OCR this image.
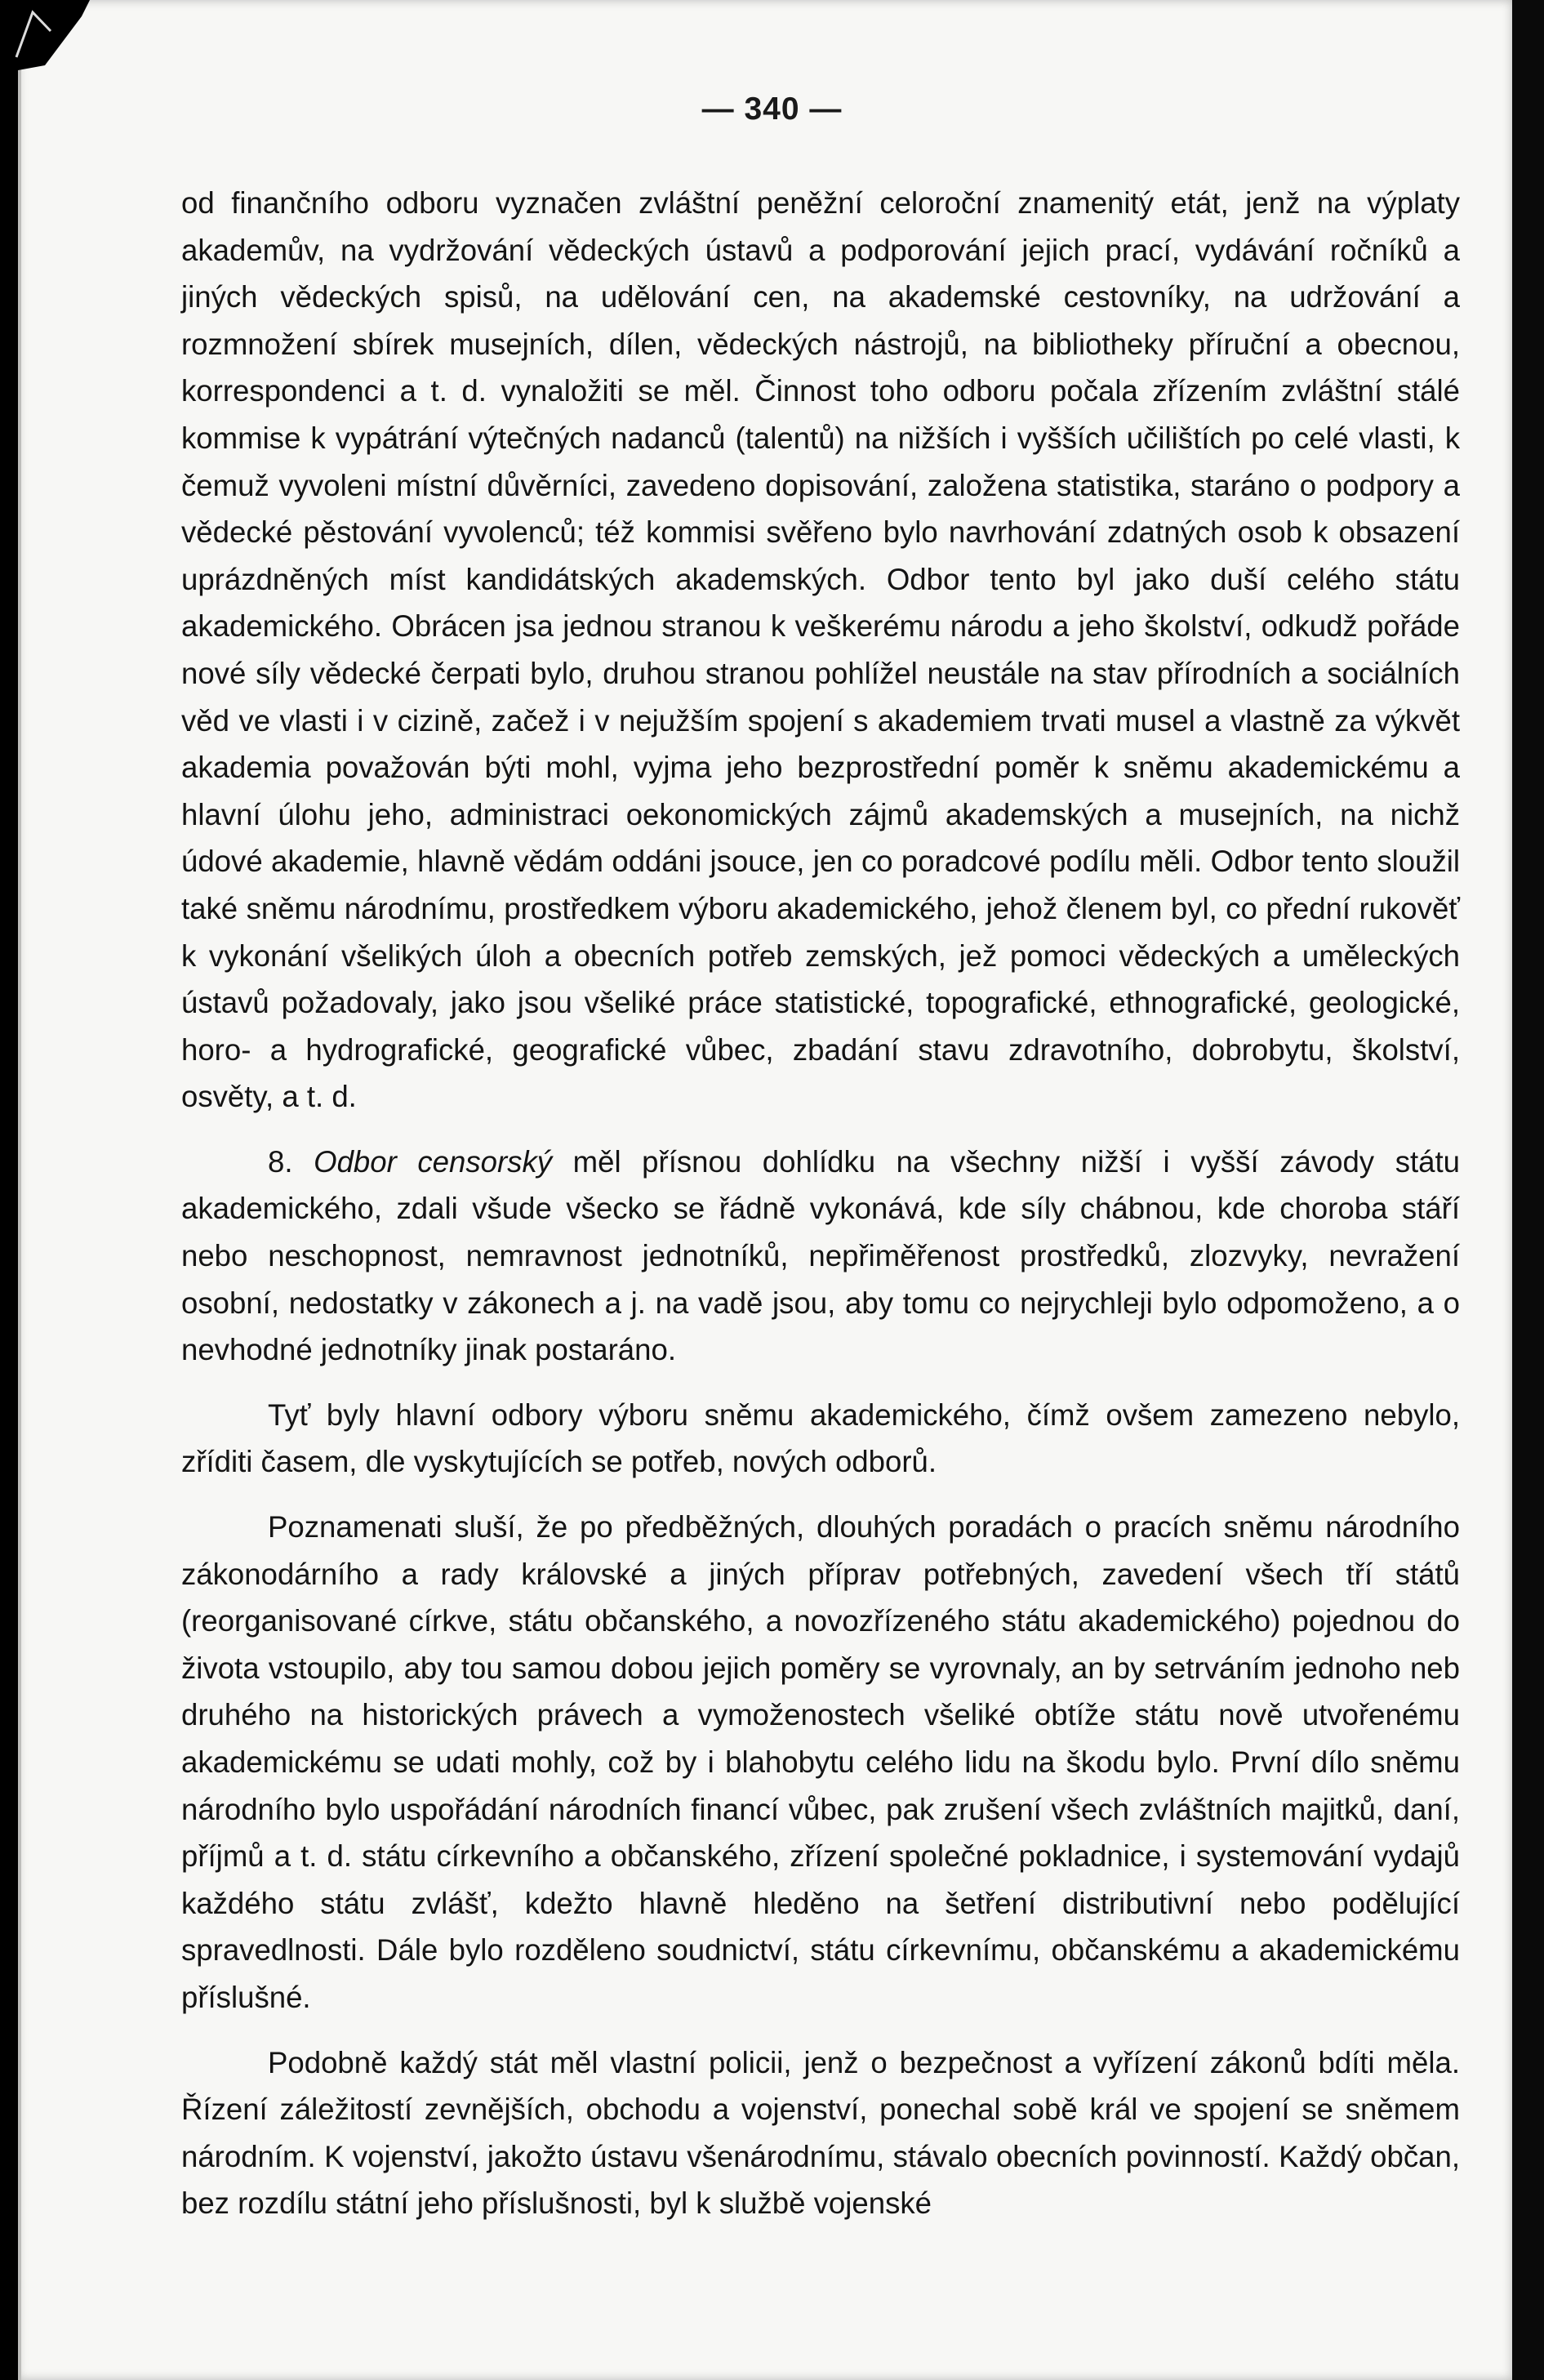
— 340 —

od finančního odboru vyznačen zvláštní peněžní celoroční znamenitý etát, jenž na výplaty akademův, na vydržování vědeckých ústavů a podporování jejich prací, vydávání ročníků a jiných vědeckých spisů, na udělování cen, na akademské cestovníky, na udržování a rozmnožení sbírek musejních, dílen, vědeckých nástrojů, na bibliotheky příruční a obecnou, korrespondenci a t. d. vynaložiti se měl. Činnost toho odboru počala zřízením zvláštní stálé kommise k vypátrání výtečných nadanců (talentů) na nižších i vyšších učilištích po celé vlasti, k čemuž vyvoleni místní důvěrníci, zavedeno dopisování, založena statistika, staráno o podpory a vědecké pěstování vyvolenců; též kommisi svěřeno bylo navrhování zdatných osob k obsazení uprázdněných míst kandidátských akademských. Odbor tento byl jako duší celého státu akademického. Obrácen jsa jednou stranou k veškerému národu a jeho školství, odkudž pořáde nové síly vědecké čerpati bylo, druhou stranou pohlížel neustále na stav přírodních a sociálních věd ve vlasti i v cizině, začež i v nejužším spojení s akademiem trvati musel a vlastně za výkvět akademia považován býti mohl, vyjma jeho bezprostřední poměr k sněmu akademickému a hlavní úlohu jeho, administraci oekonomických zájmů akademských a musejních, na nichž údové akademie, hlavně vědám oddáni jsouce, jen co poradcové podílu měli. Odbor tento sloužil také sněmu národnímu, prostředkem výboru akademického, jehož členem byl, co přední rukověť k vykonání všelikých úloh a obecních potřeb zemských, jež pomoci vědeckých a uměleckých ústavů požadovaly, jako jsou všeliké práce statistické, topografické, ethnografické, geologické, horo- a hydrografické, geografické vůbec, zbadání stavu zdravotního, dobrobytu, školství, osvěty, a t. d.

8. Odbor censorský měl přísnou dohlídku na všechny nižší i vyšší závody státu akademického, zdali všude všecko se řádně vykonává, kde síly chábnou, kde choroba stáří nebo neschopnost, nemravnost jednotníků, nepřiměřenost prostředků, zlozvyky, nevražení osobní, nedostatky v zákonech a j. na vadě jsou, aby tomu co nejrychleji bylo odpomoženo, a o nevhodné jednotníky jinak postaráno.

Tyť byly hlavní odbory výboru sněmu akademického, čímž ovšem zamezeno nebylo, zříditi časem, dle vyskytujících se potřeb, nových odborů.

Poznamenati sluší, že po předběžných, dlouhých poradách o pracích sněmu národního zákonodárního a rady královské a jiných příprav potřebných, zavedení všech tří států (reorganisované církve, státu občanského, a novozřízeného státu akademického) pojednou do života vstoupilo, aby tou samou dobou jejich poměry se vyrovnaly, an by setrváním jednoho neb druhého na historických právech a vymoženostech všeliké obtíže státu nově utvořenému akademickému se udati mohly, což by i blahobytu celého lidu na škodu bylo. První dílo sněmu národního bylo uspořádání národních financí vůbec, pak zrušení všech zvláštních majitků, daní, příjmů a t. d. státu církevního a občanského, zřízení společné pokladnice, i systemování vydajů každého státu zvlášť, kdežto hlavně hleděno na šetření distributivní nebo podělující spravedlnosti. Dále bylo rozděleno soudnictví, státu církevnímu, občanskému a akademickému příslušné.

Podobně každý stát měl vlastní policii, jenž o bezpečnost a vyřízení zákonů bdíti měla. Řízení záležitostí zevnějších, obchodu a vojenství, ponechal sobě král ve spojení se sněmem národním. K vojenství, jakožto ústavu všenárodnímu, stávalo obecních povinností. Každý občan, bez rozdílu státní jeho příslušnosti, byl k službě vojenské
